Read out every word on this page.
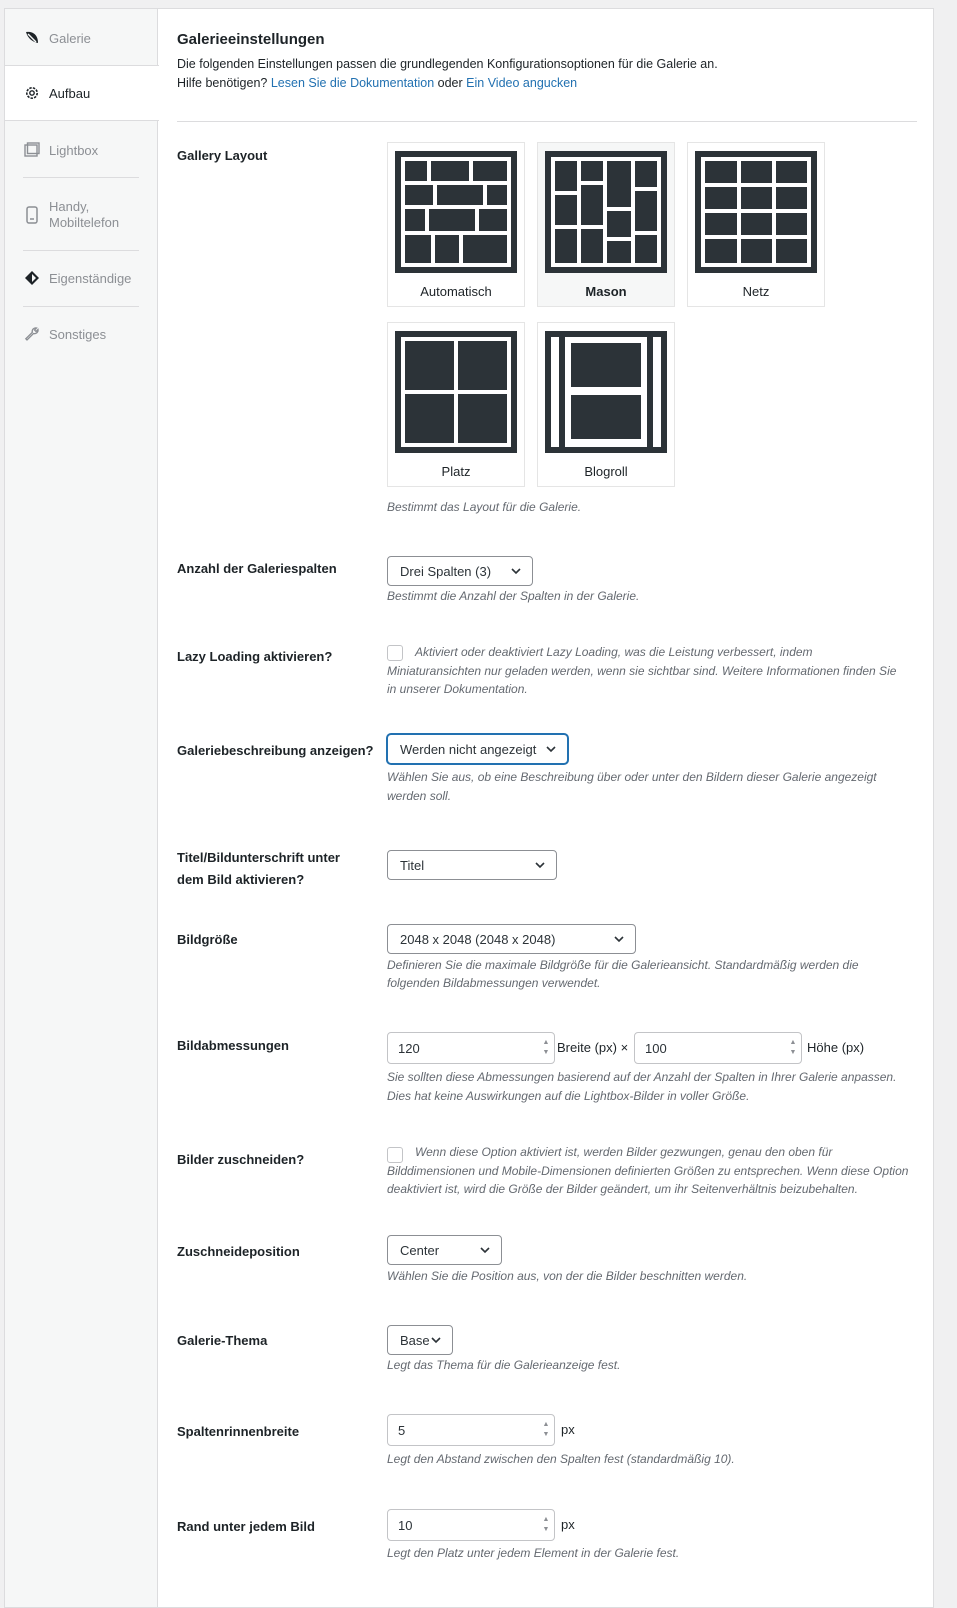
Galerie
Aufbau
Lightbox
Handy,
Mobiltelefon
Eigenständige
Sonstiges
Galerieeinstellungen
Die folgenden Einstellungen passen die grundlegenden Konfigurationsoptionen für die Galerie an.
Hilfe benötigen? Lesen Sie die Dokumentation oder Ein Video angucken
Gallery Layout
Automatisch	Mason	Netz
Platz	Blogroll
Bestimmt das Layout für die Galerie.
Anzahl der Galeriespalten	Drei Spalten (3)
Bestimmt die Anzahl der Spalten in der Galerie.
Lazy Loading aktivieren?	Aktiviert oder deaktiviert Lazy Loading, was die Leistung verbessert, indem
Miniaturansichten nur geladen werden, wenn sie sichtbar sind. Weitere Informationen finden Sie
in unserer Dokumentation.
Galeriebeschreibung anzeigen? Werden nicht angezeigt
Wählen Sie aus, ob eine Beschreibung über oder unter den Bildern dieser Galerie angezeigt
werden soll.
Titel/Bildunterschrift unter
dem Bild aktivieren?
Titel
Bildgröße	2048 x 2048 (2048 x 2048)
Definieren Sie die maximale Bildgröße für die Galerieansicht. Standardmäßig werden die
folgenden Bildabmessungen verwendet.
Bildabmessungen	120	▲
▼ Breite (px) × 100	▲
▼ Höhe (px)
Sie sollten diese Abmessungen basierend auf der Anzahl der Spalten in Ihrer Galerie anpassen.
Dies hat keine Auswirkungen auf die Lightbox-Bilder in voller Größe.
Bilder zuschneiden?	Wenn diese Option aktiviert ist, werden Bilder gezwungen, genau den oben für
Bilddimensionen und Mobile-Dimensionen definierten Größen zu entsprechen. Wenn diese Option
deaktiviert ist, wird die Größe der Bilder geändert, um ihr Seitenverhältnis beizubehalten.
Zuschneideposition	Center
Wählen Sie die Position aus, von der die Bilder beschnitten werden.
Galerie-Thema	Base
Legt das Thema für die Galerieanzeige fest.
Spaltenrinnenbreite	5	▲
▼ px
Legt den Abstand zwischen den Spalten fest (standardmäßig 10).
Rand unter jedem Bild	10	▲
▼ px
Legt den Platz unter jedem Element in der Galerie fest.
